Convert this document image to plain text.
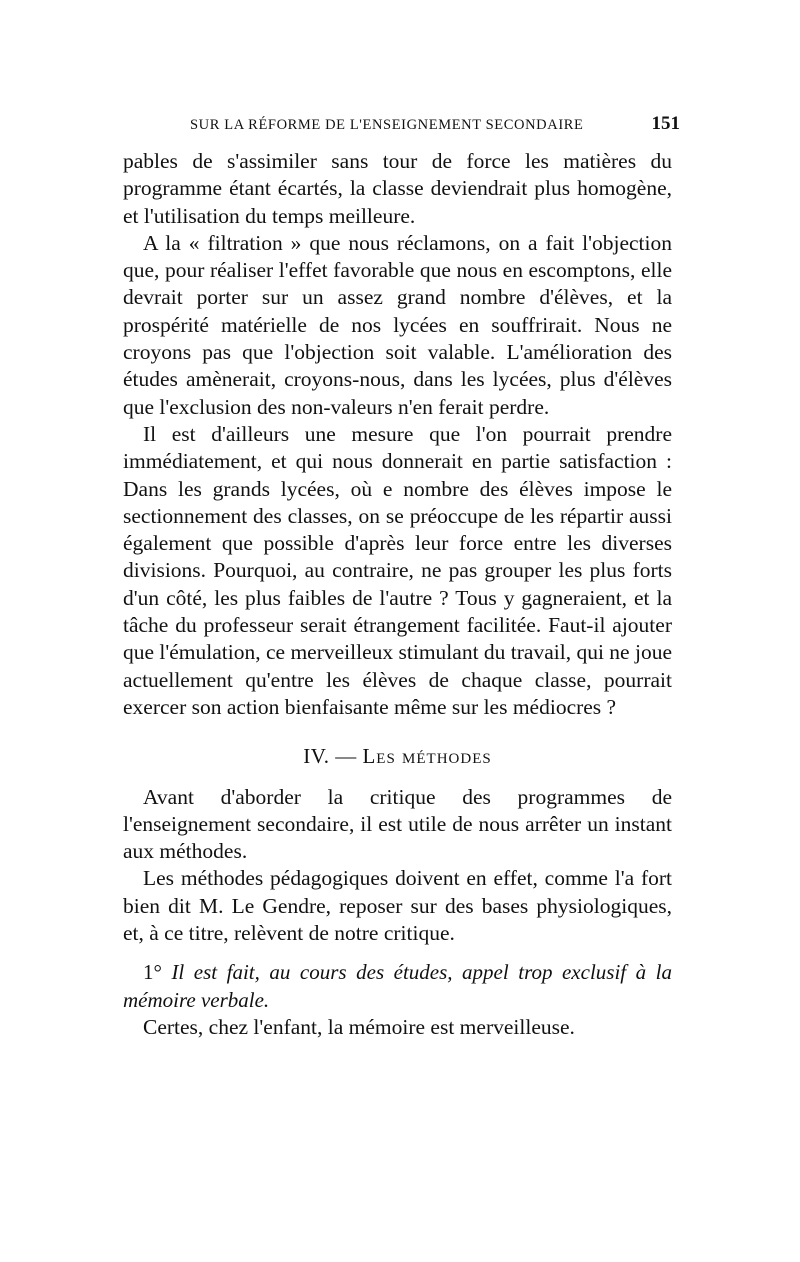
SUR LA RÉFORME DE L'ENSEIGNEMENT SECONDAIRE	151

pables de s'assimiler sans tour de force les matières du programme étant écartés, la classe deviendrait plus homogène, et l'utilisation du temps meilleure.

A la « filtration » que nous réclamons, on a fait l'objection que, pour réaliser l'effet favorable que nous en escomptons, elle devrait porter sur un assez grand nombre d'élèves, et la prospérité matérielle de nos lycées en souffrirait. Nous ne croyons pas que l'objection soit valable. L'amélioration des études amènerait, croyons-nous, dans les lycées, plus d'élèves que l'exclusion des non-valeurs n'en ferait perdre.

Il est d'ailleurs une mesure que l'on pourrait prendre immédiatement, et qui nous donnerait en partie satisfaction : Dans les grands lycées, où e nombre des élèves impose le sectionnement des classes, on se préoccupe de les répartir aussi également que possible d'après leur force entre les diverses divisions. Pourquoi, au contraire, ne pas grouper les plus forts d'un côté, les plus faibles de l'autre ? Tous y gagneraient, et la tâche du professeur serait étrangement facilitée. Faut-il ajouter que l'émulation, ce merveilleux stimulant du travail, qui ne joue actuellement qu'entre les élèves de chaque classe, pourrait exercer son action bienfaisante même sur les médiocres ?

IV. — Les méthodes

Avant d'aborder la critique des programmes de l'enseignement secondaire, il est utile de nous arrêter un instant aux méthodes.

Les méthodes pédagogiques doivent en effet, comme l'a fort bien dit M. Le Gendre, reposer sur des bases physiologiques, et, à ce titre, relèvent de notre critique.

1° Il est fait, au cours des études, appel trop exclusif à la mémoire verbale.

Certes, chez l'enfant, la mémoire est merveilleuse.
